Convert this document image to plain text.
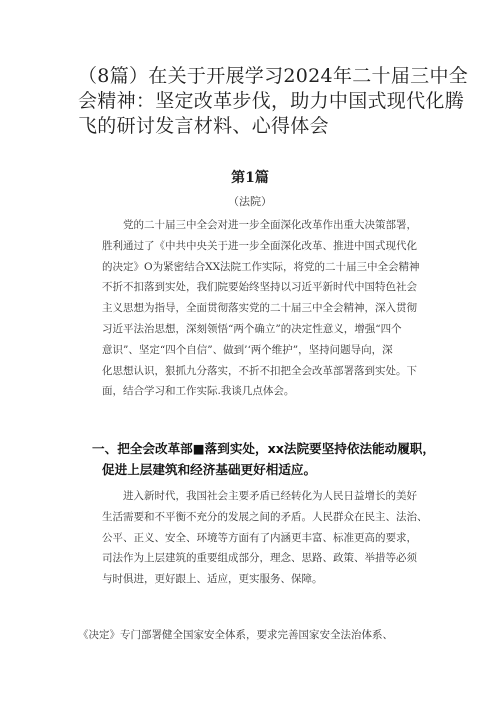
（8篇）在关于开展学习2024年二十届三中全
会精神：坚定改革步伐，助力中国式现代化腾
飞的研讨发言材料、心得体会
第1篇
（法院）

党的二十届三中全会对进一步全面深化改革作出重大决策部署，
胜利通过了《中共中央关于进一步全面深化改革、推进中国式现代化
的决定》O为紧密结合XX法院工作实际，将党的二十届三中全会精神
不折不扣落到实处，我们院要始终坚持以习近平新时代中国特色社会
主义思想为指导，全面贯彻落实党的二十届三中全会精神，深入贯彻
习近平法治思想，深刻领悟“两个确立”的决定性意义，增强“四个
意识”、坚定“四个自信”、做到’‘两个维护”，坚持问题导向，深
化思想认识，狠抓九分落实，不折不扣把全会改革部署落到实处。下
面，结合学习和工作实际.我谈几点体会。

一、把全会改革部■落到实处，xx法院要坚持依法能动履职，
促进上层建筑和经济基础更好相适应。

进入新时代，我国社会主要矛盾已经转化为人民日益增长的美好
生活需要和不平衡不充分的发展之间的矛盾。人民群众在民主、法治、
公平、正义、安全、环境等方面有了内涵更丰富、标准更高的要求，
司法作为上层建筑的重要组成部分，理念、思路、政策、举措等必须
与时俱进，更好跟上、适应，更实服务、保障。

《决定》专门部署健全国家安全体系，要求完善国家安全法治体系、
